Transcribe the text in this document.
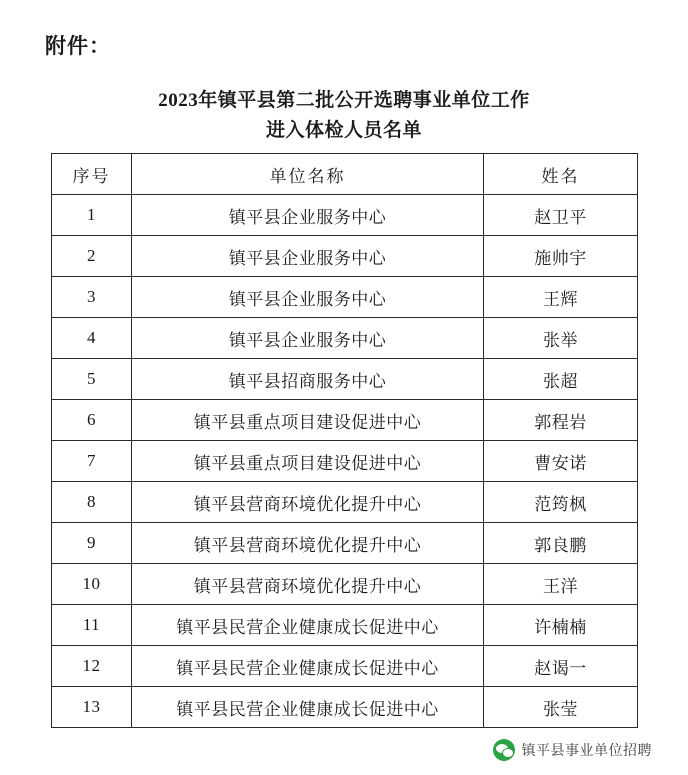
附件：
2023年镇平县第二批公开选聘事业单位工作
进入体检人员名单
序号	单位名称	姓名
1	镇平县企业服务中心	赵卫平
2	镇平县企业服务中心	施帅宇
3	镇平县企业服务中心	王辉
4	镇平县企业服务中心	张举
5	镇平县招商服务中心	张超
6	镇平县重点项目建设促进中心	郭程岩
7	镇平县重点项目建设促进中心	曹安诺
8	镇平县营商环境优化提升中心	范筠枫
9	镇平县营商环境优化提升中心	郭良鹏
10	镇平县营商环境优化提升中心	王洋
11	镇平县民营企业健康成长促进中心	许楠楠
12	镇平县民营企业健康成长促进中心	赵谒一
13	镇平县民营企业健康成长促进中心	张莹
镇平县事业单位招聘
